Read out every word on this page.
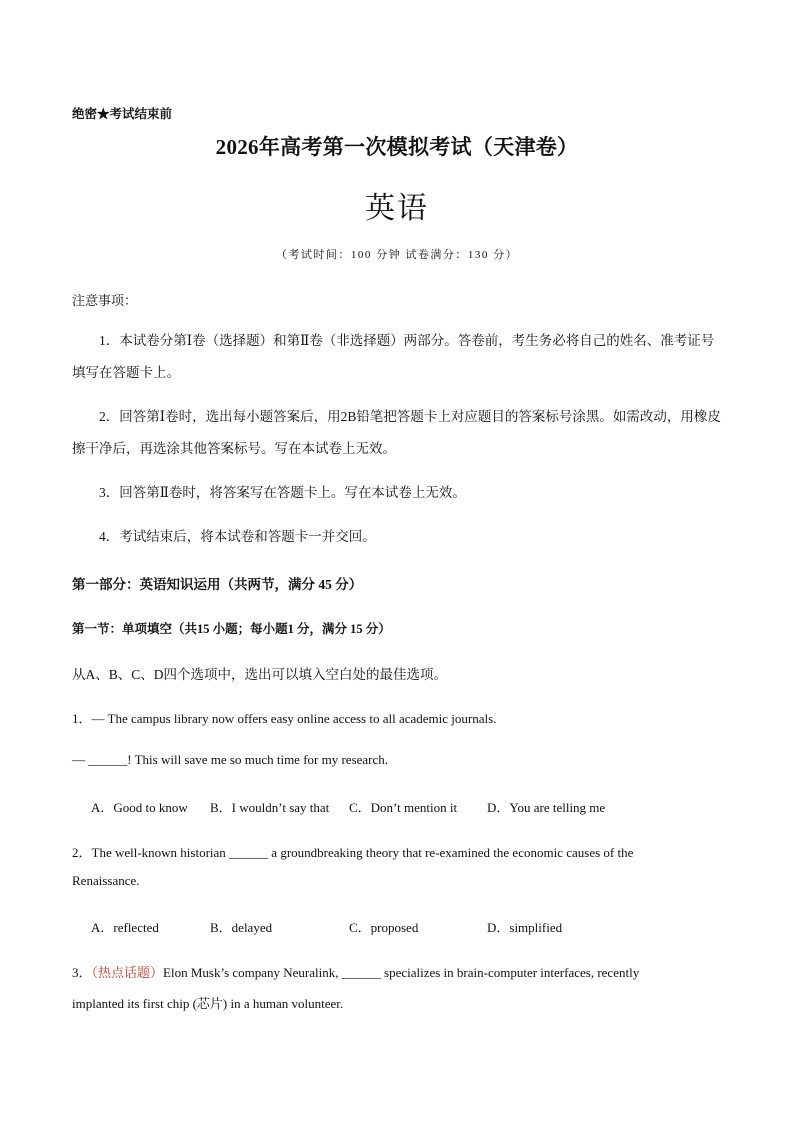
绝密★考试结束前
2026年高考第一次模拟考试（天津卷）
英语
（考试时间：100 分钟 试卷满分：130 分）
注意事项：
1．本试卷分第Ⅰ卷（选择题）和第Ⅱ卷（非选择题）两部分。答卷前，考生务必将自己的姓名、准考证号填写在答题卡上。
2．回答第Ⅰ卷时，选出每小题答案后，用2B铅笔把答题卡上对应题目的答案标号涂黑。如需改动，用橡皮擦干净后，再选涂其他答案标号。写在本试卷上无效。
3．回答第Ⅱ卷时，将答案写在答题卡上。写在本试卷上无效。
4．考试结束后，将本试卷和答题卡一并交回。
第一部分：英语知识运用（共两节，满分 45 分）
第一节：单项填空（共15 小题；每小题1 分，满分 15 分）
从A、B、C、D四个选项中，选出可以填入空白处的最佳选项。
1．— The campus library now offers easy online access to all academic journals.
— ______! This will save me so much time for my research.
A．Good to know B．I wouldn’t say that C．Don’t mention it D．You are telling me
2．The well-known historian ______ a groundbreaking theory that re-examined the economic causes of the
Renaissance.
A．reflected	B．delayed	C．proposed	D．simplified
3．（热点话题）Elon Musk’s company Neuralink, ______ specializes in brain-computer interfaces, recently
implanted its first chip (芯片) in a human volunteer.
